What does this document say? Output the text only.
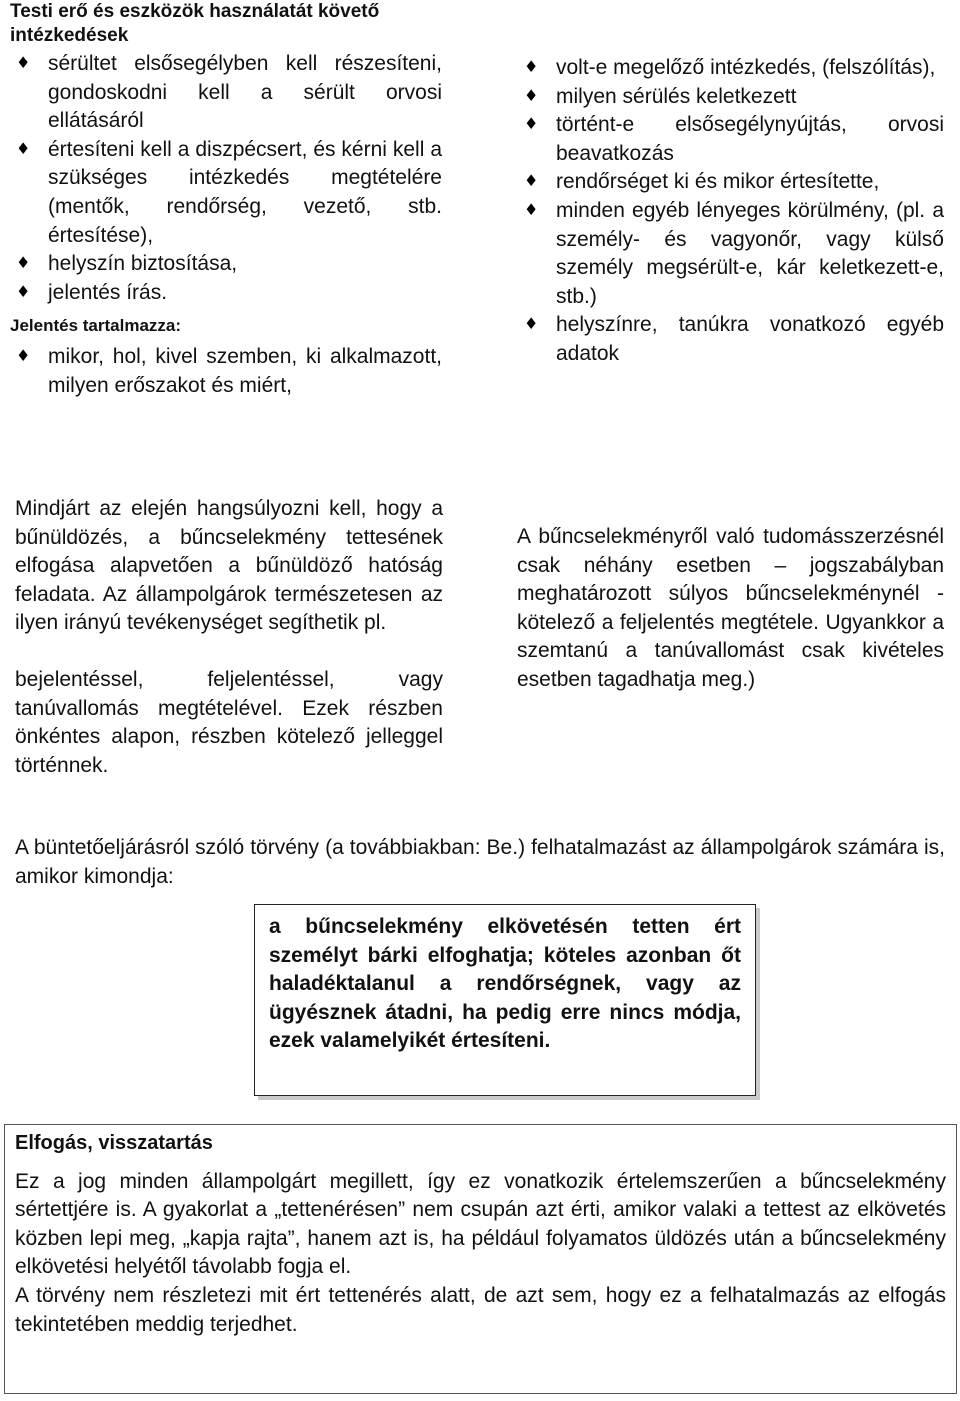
Testi erő és eszközök használatát követő intézkedések
♦ sérültet elsősegélyben kell részesíteni, gondoskodni kell a sérült orvosi ellátásáról
♦ értesíteni kell a diszpécsert, és kérni kell a szükséges intézkedés megtételére (mentők, rendőrség, vezető, stb. értesítése),
♦ helyszín biztosítása,
♦ jelentés írás.
Jelentés tartalmazza:
♦ mikor, hol, kivel szemben, ki alkalmazott, milyen erőszakot és miért,
♦ volt-e megelőző intézkedés, (felszólítás),
♦ milyen sérülés keletkezett
♦ történt-e elsősegélynyújtás, orvosi beavatkozás
♦ rendőrséget ki és mikor értesítette,
♦ minden egyéb lényeges körülmény, (pl. a személy- és vagyonőr, vagy külső személy megsérült-e, kár keletkezett-e, stb.)
♦ helyszínre, tanúkra vonatkozó egyéb adatok

Mindjárt az elején hangsúlyozni kell, hogy a bűnüldözés, a bűncselekmény tettesének elfogása alapvetően a bűnüldöző hatóság feladata. Az állampolgárok természetesen az ilyen irányú tevékenységet segíthetik pl.

bejelentéssel, feljelentéssel, vagy tanúvallomás megtételével. Ezek részben önkéntes alapon, részben kötelező jelleggel történnek.

A bűncselekményről való tudomásszerzésnél csak néhány esetben – jogszabályban meghatározott súlyos bűncselekménynél - kötelező a feljelentés megtétele. Ugyankkor a szemtanú a tanúvallomást csak kivételes esetben tagadhatja meg.)

A büntetőeljárásról szóló törvény (a továbbiakban: Be.) felhatalmazást az állampolgárok számára is, amikor kimondja:

a bűncselekmény elkövetésén tetten ért személyt bárki elfoghatja; köteles azonban őt haladéktalanul a rendőrségnek, vagy az ügyésznek átadni, ha pedig erre nincs módja, ezek valamelyikét értesíteni.

Elfogás, visszatartás

Ez a jog minden állampolgárt megillett, így ez vonatkozik értelemszerűen a bűncselekmény sértettjére is. A gyakorlat a „tettenérésen” nem csupán azt érti, amikor valaki a tettest az elkövetés közben lepi meg, „kapja rajta”, hanem azt is, ha például folyamatos üldözés után a bűncselekmény elkövetési helyétől távolabb fogja el.

A törvény nem részletezi mit ért tettenérés alatt, de azt sem, hogy ez a felhatalmazás az elfogás tekintetében meddig terjedhet.
